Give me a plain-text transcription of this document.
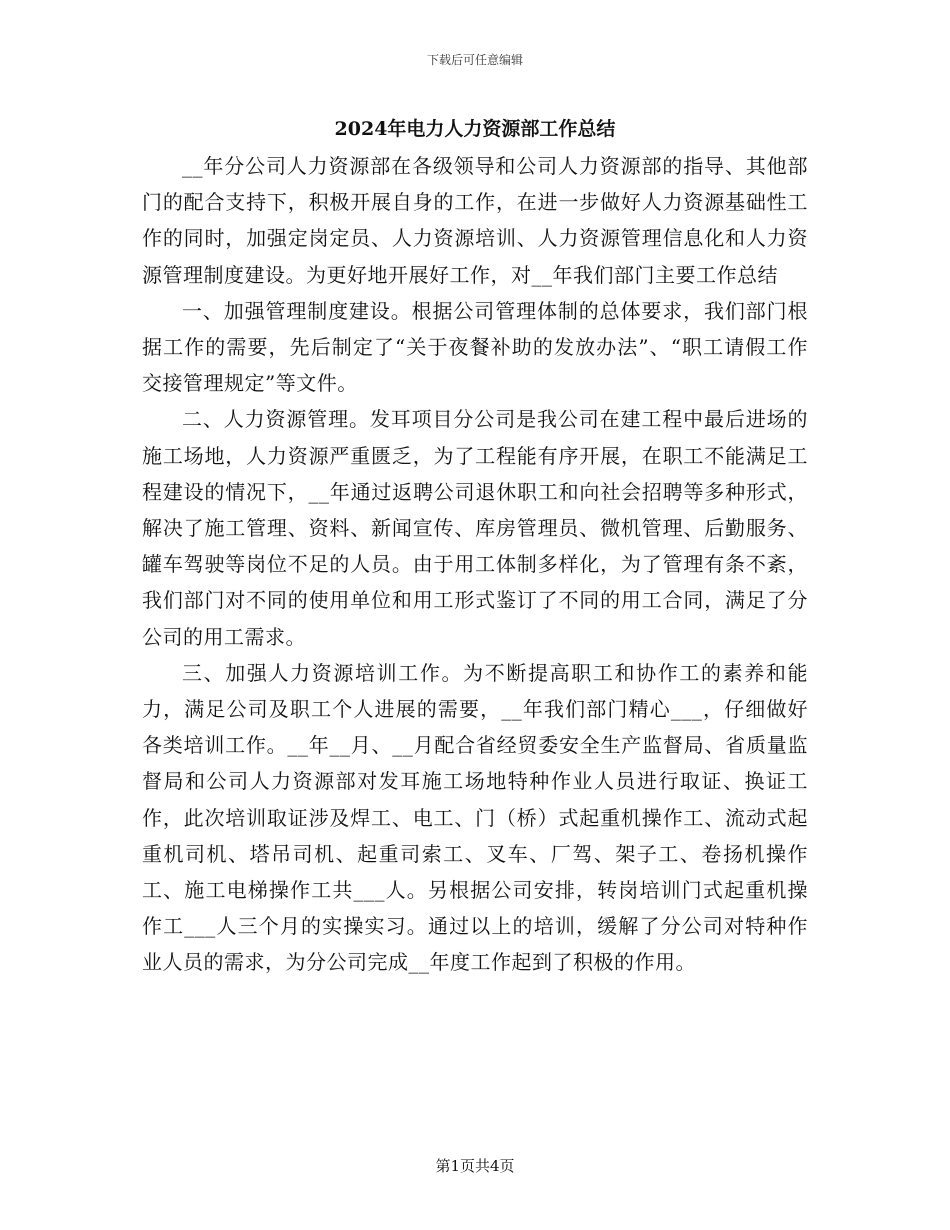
下载后可任意编辑
2024年电力人力资源部工作总结

__年分公司人力资源部在各级领导和公司人力资源部的指导、其他部门的配合支持下，积极开展自身的工作，在进一步做好人力资源基础性工作的同时，加强定岗定员、人力资源培训、人力资源管理信息化和人力资源管理制度建设。为更好地开展好工作，对__年我们部门主要工作总结

一、加强管理制度建设。根据公司管理体制的总体要求，我们部门根据工作的需要，先后制定了“关于夜餐补助的发放办法”、“职工请假工作交接管理规定”等文件。

二、人力资源管理。发耳项目分公司是我公司在建工程中最后进场的施工场地，人力资源严重匮乏，为了工程能有序开展，在职工不能满足工程建设的情况下，__年通过返聘公司退休职工和向社会招聘等多种形式，解决了施工管理、资料、新闻宣传、库房管理员、微机管理、后勤服务、罐车驾驶等岗位不足的人员。由于用工体制多样化，为了管理有条不紊，我们部门对不同的使用单位和用工形式鉴订了不同的用工合同，满足了分公司的用工需求。

三、加强人力资源培训工作。为不断提高职工和协作工的素养和能力，满足公司及职工个人进展的需要，__年我们部门精心___，仔细做好各类培训工作。__年__月、__月配合省经贸委安全生产监督局、省质量监督局和公司人力资源部对发耳施工场地特种作业人员进行取证、换证工作，此次培训取证涉及焊工、电工、门（桥）式起重机操作工、流动式起重机司机、塔吊司机、起重司索工、叉车、厂驾、架子工、卷扬机操作工、施工电梯操作工共___人。另根据公司安排，转岗培训门式起重机操作工___人三个月的实操实习。通过以上的培训，缓解了分公司对特种作业人员的需求，为分公司完成__年度工作起到了积极的作用。

第1页共4页
